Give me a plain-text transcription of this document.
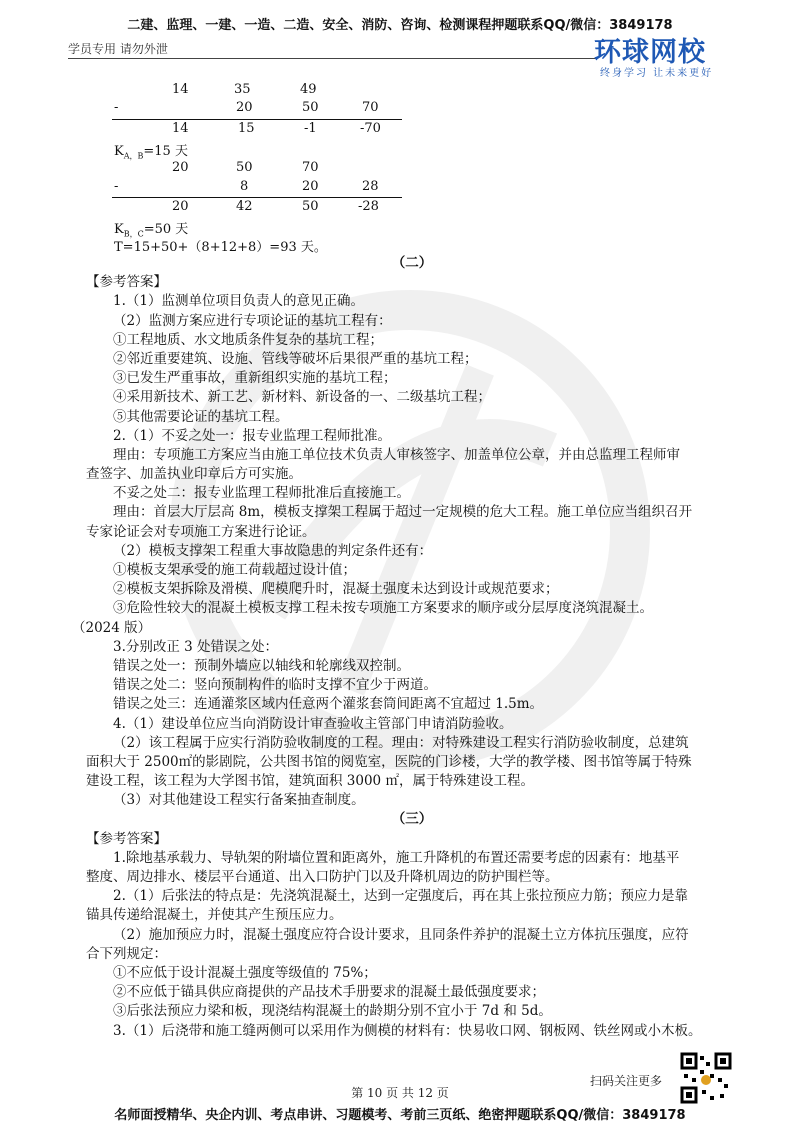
二建、监理、一建、一造、二造、安全、消防、咨询、检测课程押题联系QQ/微信：3849178
学员专用 请勿外泄	环球网校
终身学习 让未来更好
14	35	49
-	20	50	70
14	15	-1	-70
$K_{A,B}=15$ 天
20	50	70
-	8	20	28
20	42	50	-28
$K_{B,C}=50$ 天
T=15+50+（8+12+8）=93 天。
（二）
【参考答案】
1.（1）监测单位项目负责人的意见正确。
（2）监测方案应进行专项论证的基坑工程有：
①工程地质、水文地质条件复杂的基坑工程；
②邻近重要建筑、设施、管线等破坏后果很严重的基坑工程；
③已发生严重事故，重新组织实施的基坑工程；
④采用新技术、新工艺、新材料、新设备的一、二级基坑工程；
⑤其他需要论证的基坑工程。
2.（1）不妥之处一：报专业监理工程师批准。
理由：专项施工方案应当由施工单位技术负责人审核签字、加盖单位公章，并由总监理工程师审
查签字、加盖执业印章后方可实施。
不妥之处二：报专业监理工程师批准后直接施工。
理由：首层大厅层高 8m，模板支撑架工程属于超过一定规模的危大工程。施工单位应当组织召开
专家论证会对专项施工方案进行论证。
（2）模板支撑架工程重大事故隐患的判定条件还有：
①模板支架承受的施工荷载超过设计值；
②模板支架拆除及滑模、爬模爬升时，混凝土强度未达到设计或规范要求；
③危险性较大的混凝土模板支撑工程未按专项施工方案要求的顺序或分层厚度浇筑混凝土。
（2024 版）
3.分别改正 3 处错误之处：
错误之处一：预制外墙应以轴线和轮廓线双控制。
错误之处二：竖向预制构件的临时支撑不宜少于两道。
错误之处三：连通灌浆区域内任意两个灌浆套筒间距离不宜超过 1.5m。
4.（1）建设单位应当向消防设计审查验收主管部门申请消防验收。
（2）该工程属于应实行消防验收制度的工程。理由：对特殊建设工程实行消防验收制度，总建筑
面积大于 2500㎡的影剧院，公共图书馆的阅览室，医院的门诊楼，大学的教学楼、图书馆等属于特殊
建设工程，该工程为大学图书馆，建筑面积 3000 ㎡，属于特殊建设工程。
（3）对其他建设工程实行备案抽查制度。
（三）
【参考答案】
1.除地基承载力、导轨架的附墙位置和距离外，施工升降机的布置还需要考虑的因素有：地基平
整度、周边排水、楼层平台通道、出入口防护门以及升降机周边的防护围栏等。
2.（1）后张法的特点是：先浇筑混凝土，达到一定强度后，再在其上张拉预应力筋；预应力是靠
锚具传递给混凝土，并使其产生预压应力。
（2）施加预应力时，混凝土强度应符合设计要求，且同条件养护的混凝土立方体抗压强度，应符
合下列规定：
①不应低于设计混凝土强度等级值的 75%；
②不应低于锚具供应商提供的产品技术手册要求的混凝土最低强度要求；
③后张法预应力梁和板，现浇结构混凝土的龄期分别不宜小于 7d 和 5d。
3.（1）后浇带和施工缝两侧可以采用作为侧模的材料有：快易收口网、钢板网、铁丝网或小木板。
扫码关注更多
第 10 页 共 12 页
名师面授精华、央企内训、考点串讲、习题模考、考前三页纸、绝密押题联系QQ/微信：3849178
